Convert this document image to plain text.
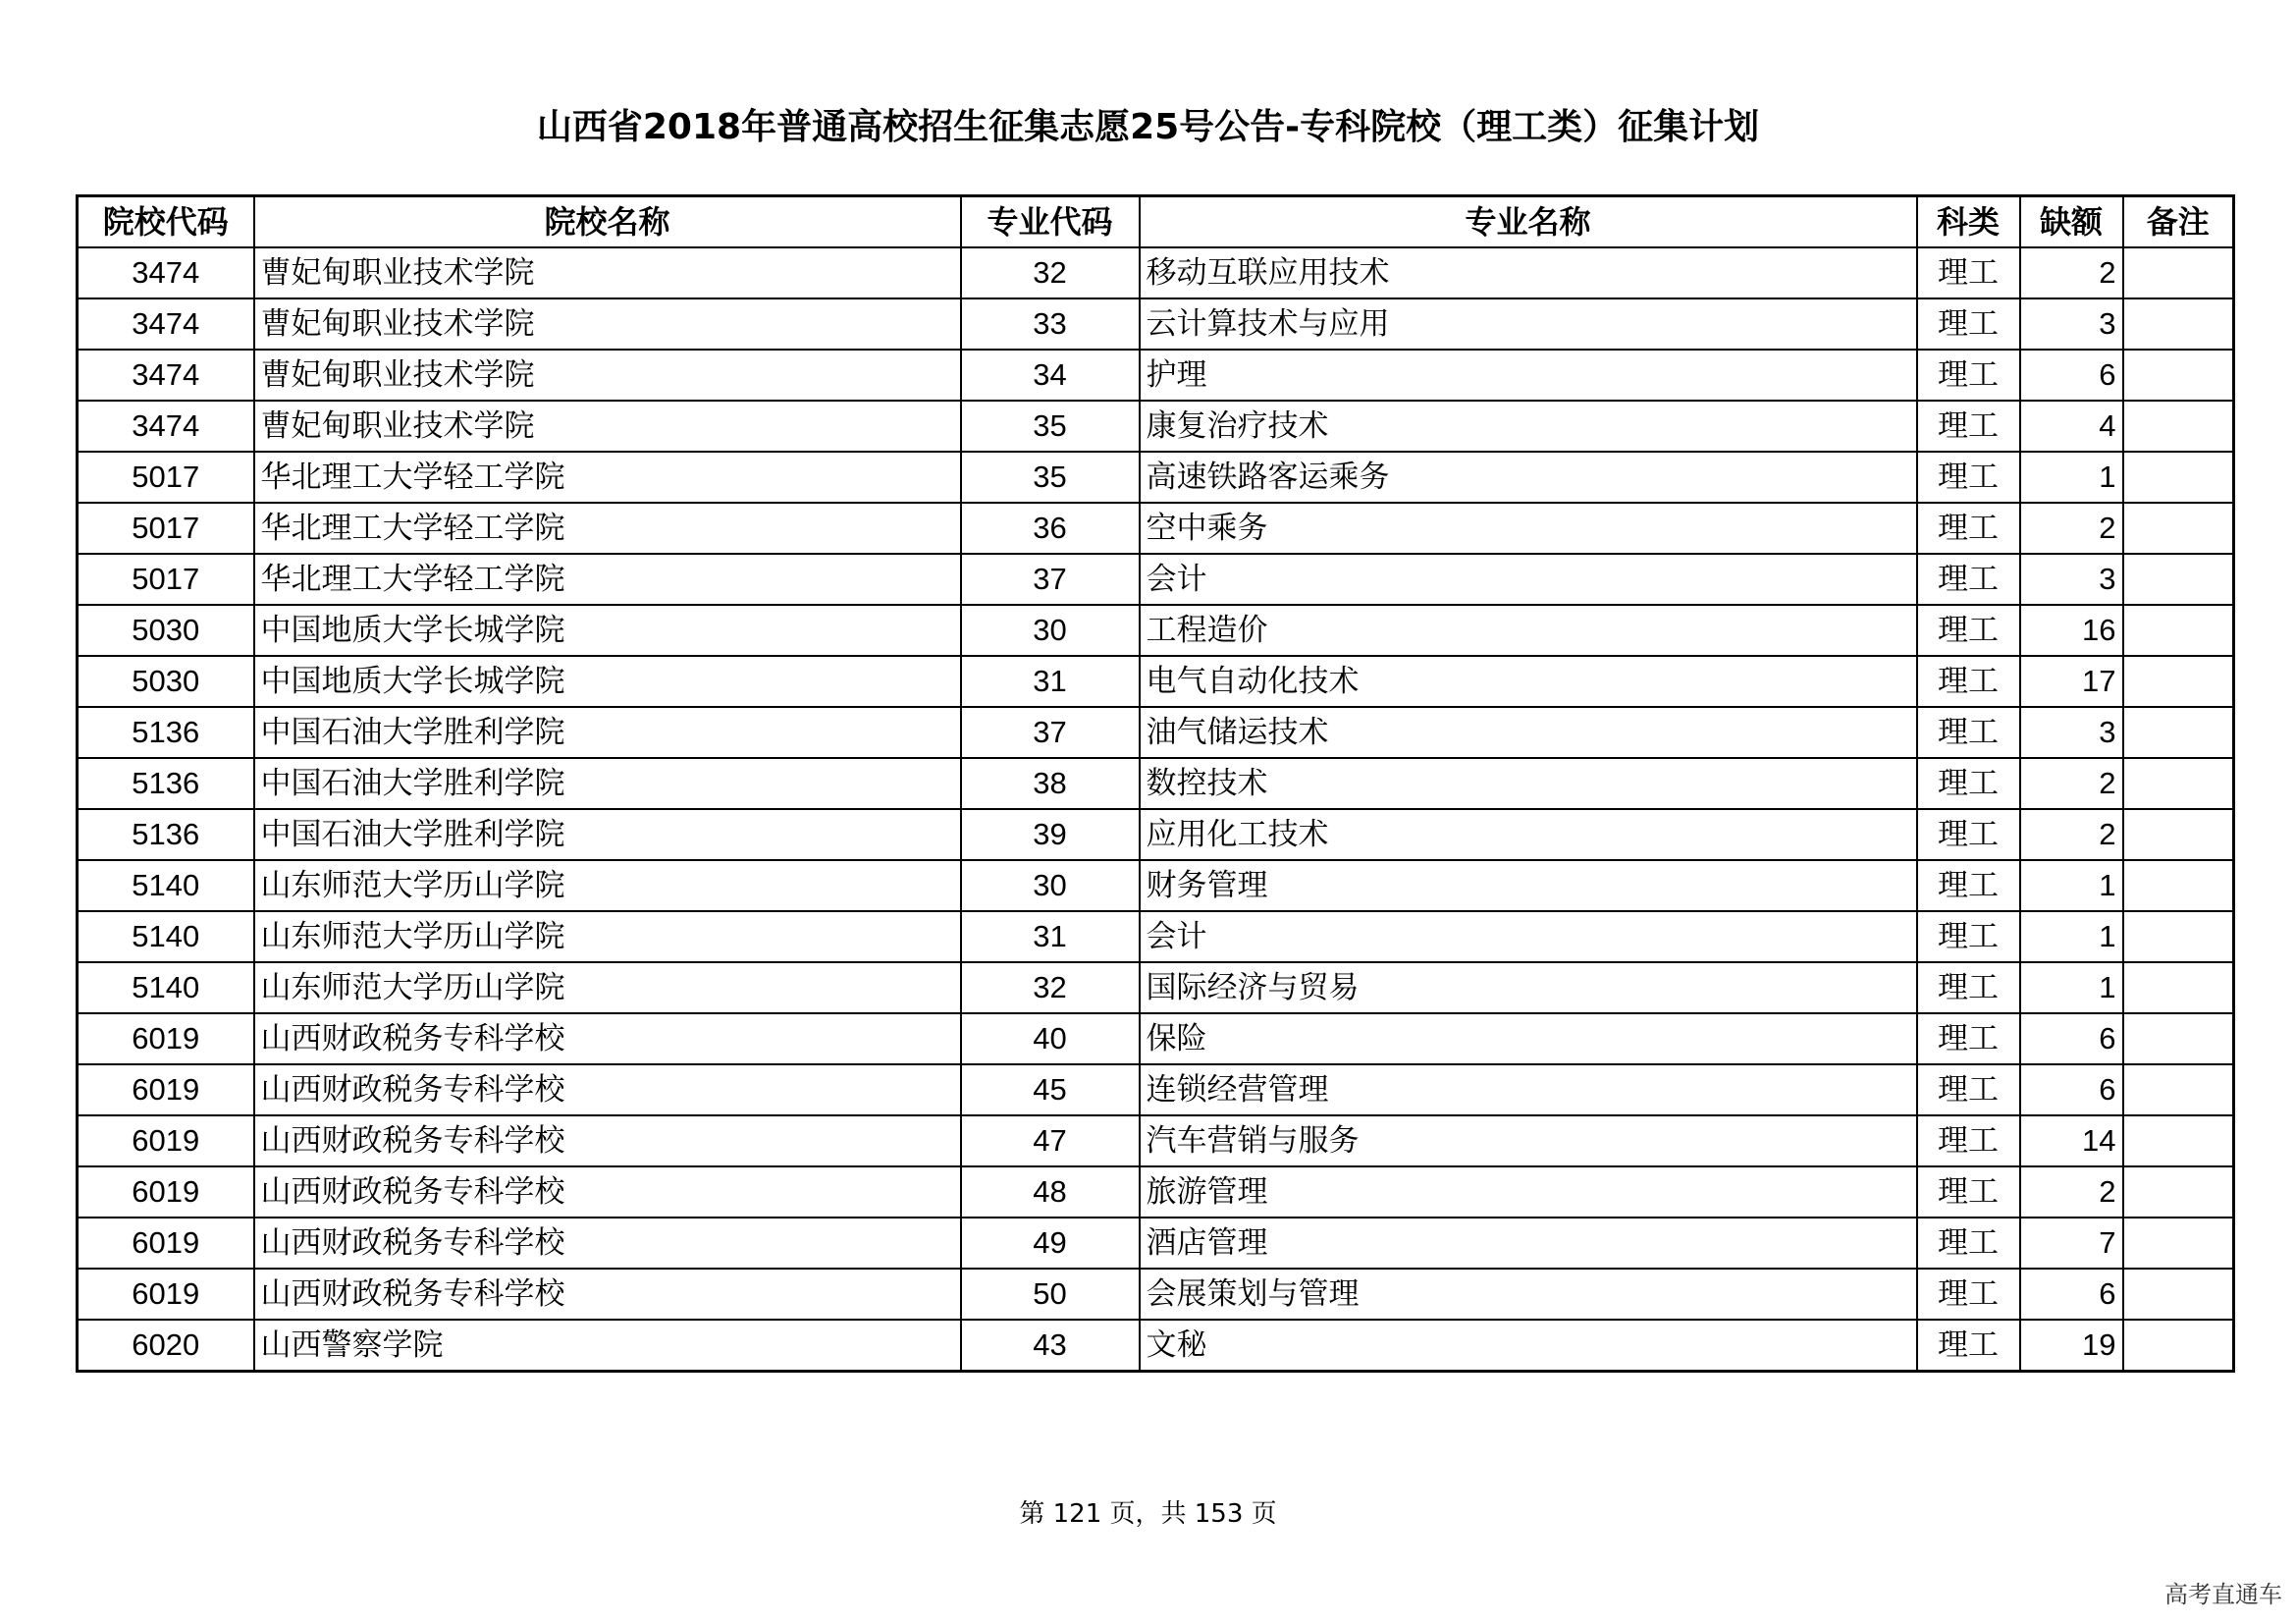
山西省2018年普通高校招生征集志愿25号公告-专科院校（理工类）征集计划
院校代码	院校名称	专业代码	专业名称	科类	缺额	备注
3474	曹妃甸职业技术学院	32	移动互联应用技术	理工	2	
3474	曹妃甸职业技术学院	33	云计算技术与应用	理工	3	
3474	曹妃甸职业技术学院	34	护理	理工	6	
3474	曹妃甸职业技术学院	35	康复治疗技术	理工	4	
5017	华北理工大学轻工学院	35	高速铁路客运乘务	理工	1	
5017	华北理工大学轻工学院	36	空中乘务	理工	2	
5017	华北理工大学轻工学院	37	会计	理工	3	
5030	中国地质大学长城学院	30	工程造价	理工	16	
5030	中国地质大学长城学院	31	电气自动化技术	理工	17	
5136	中国石油大学胜利学院	37	油气储运技术	理工	3	
5136	中国石油大学胜利学院	38	数控技术	理工	2	
5136	中国石油大学胜利学院	39	应用化工技术	理工	2	
5140	山东师范大学历山学院	30	财务管理	理工	1	
5140	山东师范大学历山学院	31	会计	理工	1	
5140	山东师范大学历山学院	32	国际经济与贸易	理工	1	
6019	山西财政税务专科学校	40	保险	理工	6	
6019	山西财政税务专科学校	45	连锁经营管理	理工	6	
6019	山西财政税务专科学校	47	汽车营销与服务	理工	14	
6019	山西财政税务专科学校	48	旅游管理	理工	2	
6019	山西财政税务专科学校	49	酒店管理	理工	7	
6019	山西财政税务专科学校	50	会展策划与管理	理工	6	
6020	山西警察学院	43	文秘	理工	19	
第 121 页，共 153 页
高考直通车
